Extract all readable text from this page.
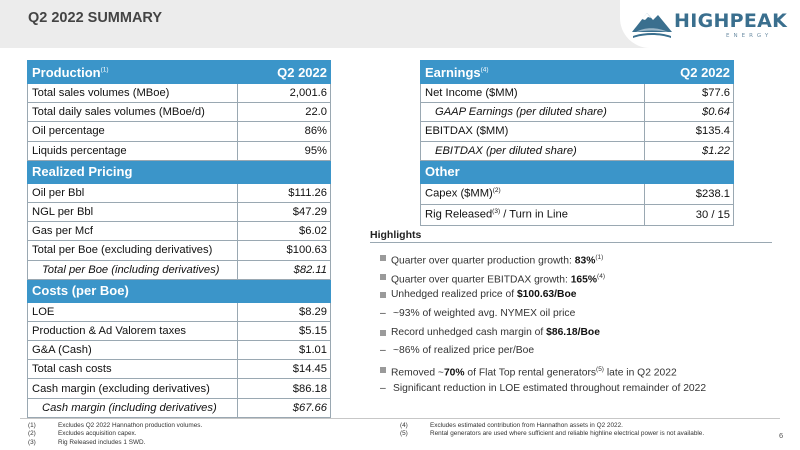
Q2 2022 SUMMARY	HIGHPEAK
ENERGY
Production$^{(1)}$	Q2 2022
Total sales volumes (MBoe)	2,001.6
Total daily sales volumes (MBoe/d)	22.0
Oil percentage	86%
Liquids percentage	95%
Realized Pricing	
Oil per Bbl	$111.26
NGL per Bbl	$47.29
Gas per Mcf	$6.02
Total per Boe (excluding derivatives)	$100.63
Total per Boe (including derivatives)	$82.11
Costs (per Boe)	
LOE	$8.29
Production & Ad Valorem taxes	$5.15
G&A (Cash)	$1.01
Total cash costs	$14.45
Cash margin (excluding derivatives)	$86.18
Cash margin (including derivatives)	$67.66
Earnings$^{(4)}$	Q2 2022
Net Income ($MM)	$77.6
GAAP Earnings (per diluted share)	$0.64
EBITDAX ($MM)	$135.4
EBITDAX (per diluted share)	$1.22
Other	
Capex ($MM)$^{(2)}$	$238.1
Rig Released$^{(3)}$ / Turn in Line	30 / 15
Highlights
Quarter over quarter production growth: 83%$^{(1)}$
Quarter over quarter EBITDAX growth: 165%$^{(4)}$
Unhedged realized price of $100.63/Boe
– ~93% of weighted avg. NYMEX oil price
Record unhedged cash margin of $86.18/Boe
– ~86% of realized price per/Boe
Removed ~70% of Flat Top rental generators$^{(5)}$ late in Q2 2022
– Significant reduction in LOE estimated throughout remainder of 2022
(1)	Excludes Q2 2022 Hannathon production volumes.
(2)	Excludes acquisition capex.
(3)	Rig Released includes 1 SWD.
(4)	Excludes estimated contribution from Hannathon assets in Q2 2022.
(5)	Rental generators are used where sufficient and reliable highline electrical power is not available.	6
